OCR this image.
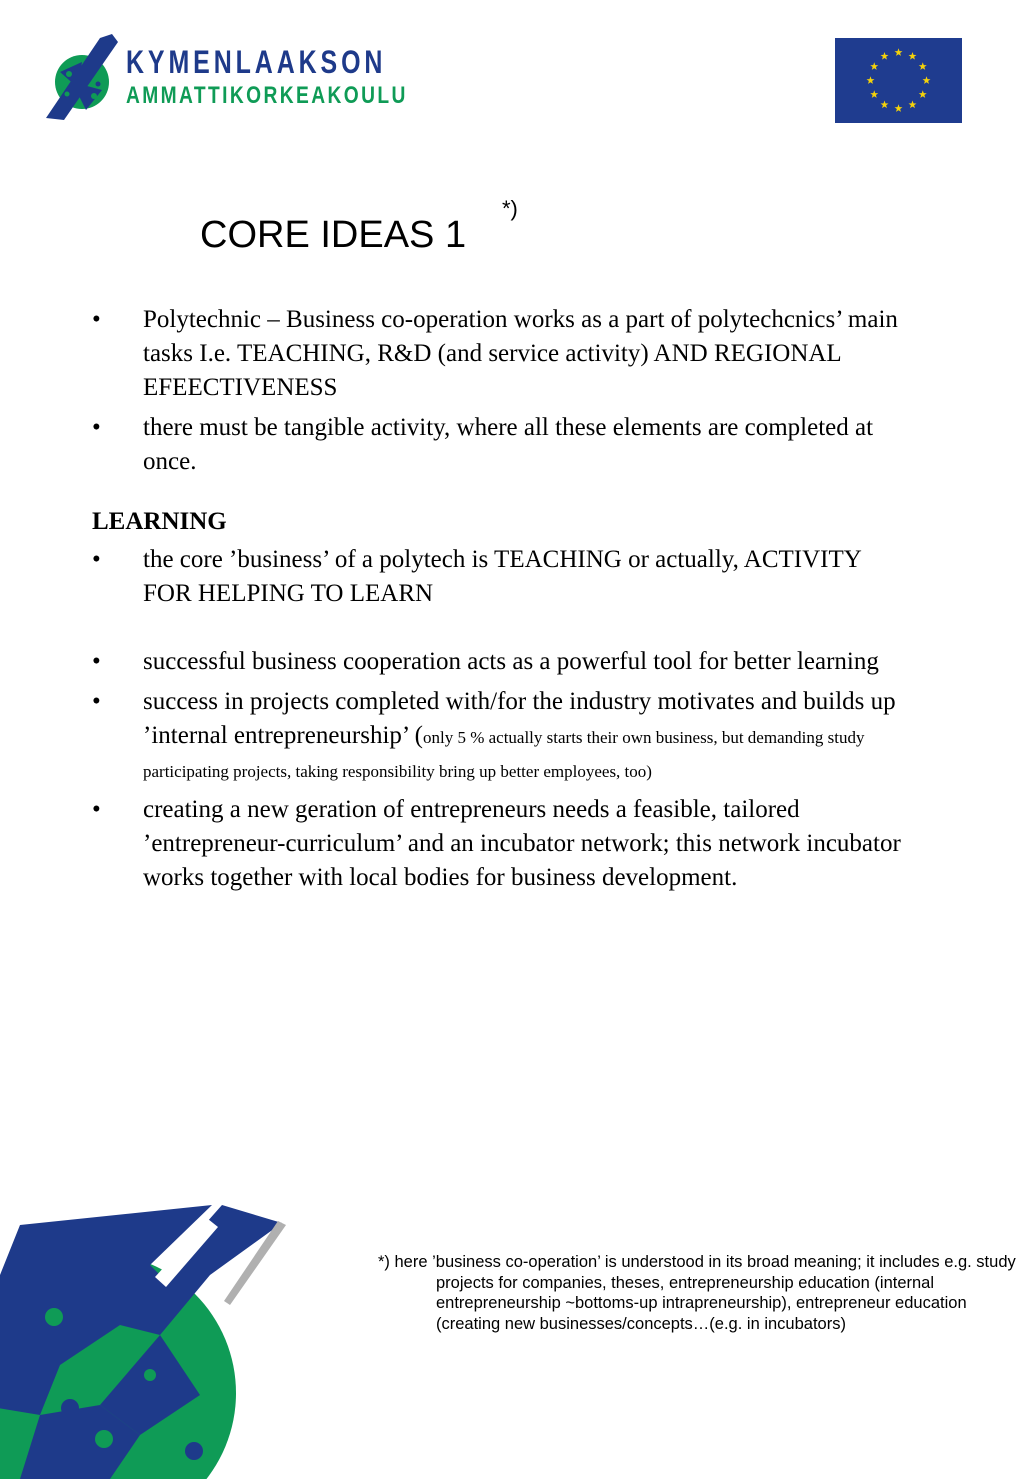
KYMENLAAKSON
AMMATTIKORKEAKOULU
CORE IDEAS 1
*)
• Polytechnic – Business co-operation works as a part of polytechcnics’ main tasks I.e. TEACHING, R&D (and service activity) AND REGIONAL EFEECTIVENESS

• there must be tangible activity, where all these elements are completed at once.

LEARNING
• the core ’business’ of a polytech is TEACHING or actually, ACTIVITY FOR HELPING TO LEARN

• successful business cooperation acts as a powerful tool for better learning

• success in projects completed with/for the industry motivates and builds up ’internal entrepreneurship’ (only 5 % actually starts their own business, but demanding study participating projects, taking responsibility bring up better employees, too)

• creating a new geration of entrepreneurs needs a feasible, tailored ’entrepreneur-curriculum’ and an incubator network; this network incubator works together with local bodies for business development.

*) here ’business co-operation’ is understood in its broad meaning; it includes e.g. study projects for companies, theses, entrepreneurship education (internal entrepreneurship ~bottoms-up intrapreneurship), entrepreneur education (creating new businesses/concepts…(e.g. in incubators)
